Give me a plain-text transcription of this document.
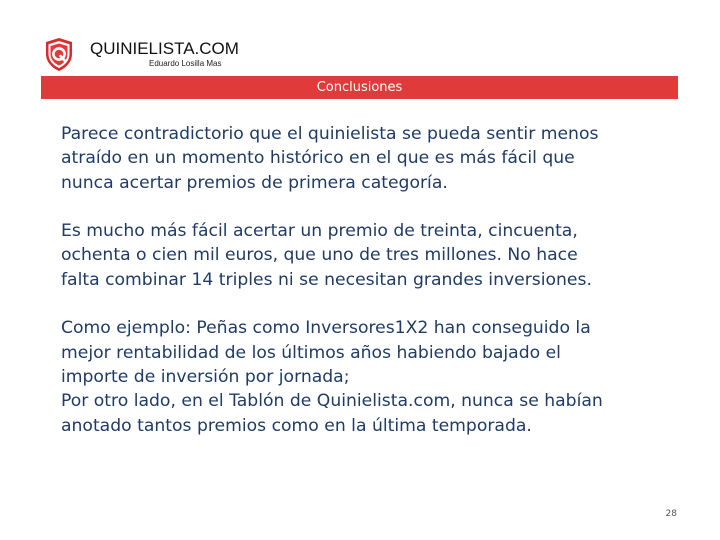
QUINIELISTA.COM
Eduardo Losilla Mas
Conclusiones

Parece contradictorio que el quinielista se pueda sentir menos
atraído en un momento histórico en el que es más fácil que
nunca acertar premios de primera categoría.

Es mucho más fácil acertar un premio de treinta, cincuenta,
ochenta o cien mil euros, que uno de tres millones. No hace
falta combinar 14 triples ni se necesitan grandes inversiones.

Como ejemplo: Peñas como Inversores1X2 han conseguido la
mejor rentabilidad de los últimos años habiendo bajado el
importe de inversión por jornada;
Por otro lado, en el Tablón de Quinielista.com, nunca se habían
anotado tantos premios como en la última temporada.

28
